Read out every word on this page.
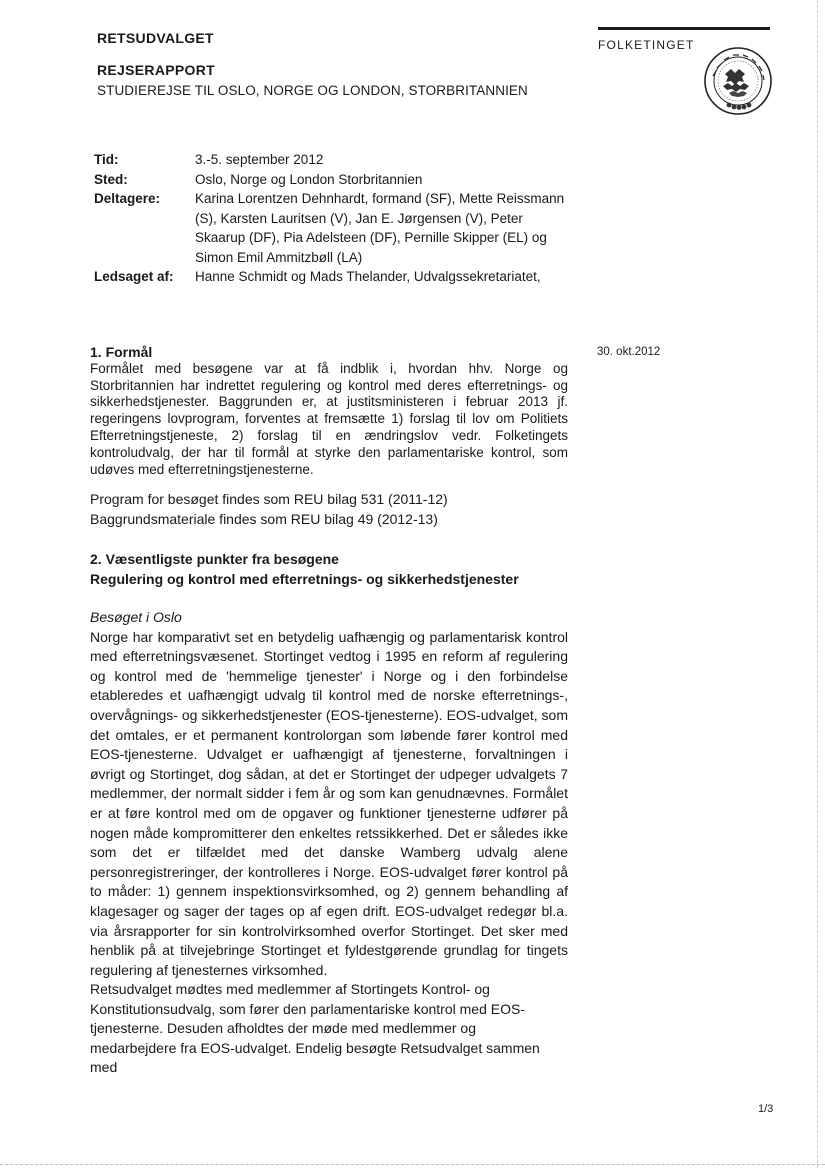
RETSUDVALGET
REJSERAPPORT
STUDIEREJSE TIL OSLO, NORGE OG LONDON, STORBRITANNIEN
FOLKETINGET
Tid:	3.-5. september 2012
Sted:	Oslo, Norge og London Storbritannien
Deltagere:	Karina Lorentzen Dehnhardt, formand (SF), Mette Reissmann (S), Karsten Lauritsen (V), Jan E. Jørgensen (V), Peter Skaarup (DF), Pia Adelsteen (DF), Pernille Skipper (EL) og Simon Emil Ammitzbøll (LA)
Ledsaget af:	Hanne Schmidt og Mads Thelander, Udvalgssekretariatet,
30. okt.2012
1. Formål
Formålet med besøgene var at få indblik i, hvordan hhv. Norge og Storbritannien har indrettet regulering og kontrol med deres efterretnings- og sikkerhedstjenester. Baggrunden er, at justitsministeren i februar 2013 jf. regeringens lovprogram, forventes at fremsætte 1) forslag til lov om Politiets Efterretningstjeneste, 2) forslag til en ændringslov vedr. Folketingets kontroludvalg, der har til formål at styrke den parlamentariske kontrol, som udøves med efterretningstjenesterne.
Program for besøget findes som REU bilag 531 (2011-12)
Baggrundsmateriale findes som REU bilag 49 (2012-13)
2. Væsentligste punkter fra besøgene
Regulering og kontrol med efterretnings- og sikkerhedstjenester
Besøget i Oslo
Norge har komparativt set en betydelig uafhængig og parlamentarisk kontrol med efterretningsvæsenet. Stortinget vedtog i 1995 en reform af regulering og kontrol med de 'hemmelige tjenester' i Norge og i den forbindelse etableredes et uafhængigt udvalg til kontrol med de norske efterretnings-, overvågnings- og sikkerhedstjenester (EOS-tjenesterne). EOS-udvalget, som det omtales, er et permanent kontrolorgan som løbende fører kontrol med EOS-tjenesterne. Udvalget er uafhængigt af tjenesterne, forvaltningen i øvrigt og Stortinget, dog sådan, at det er Stortinget der udpeger udvalgets 7 medlemmer, der normalt sidder i fem år og som kan genudnævnes. Formålet er at føre kontrol med om de opgaver og funktioner tjenesterne udfører på nogen måde kompromitterer den enkeltes retssikkerhed. Det er således ikke som det er tilfældet med det danske Wamberg udvalg alene personregistreringer, der kontrolleres i Norge. EOS-udvalget fører kontrol på to måder: 1) gennem inspektionsvirksomhed, og 2) gennem behandling af klagesager og sager der tages op af egen drift. EOS-udvalget redegør bl.a. via årsrapporter for sin kontrolvirksomhed overfor Stortinget. Det sker med henblik på at tilvejebringe Stortinget et fyldestgørende grundlag for tingets regulering af tjenesternes virksomhed.
Retsudvalget mødtes med medlemmer af Stortingets Kontrol- og Konstitutionsudvalg, som fører den parlamentariske kontrol med EOS-tjenesterne. Desuden afholdtes der møde med medlemmer og medarbejdere fra EOS-udvalget. Endelig besøgte Retsudvalget sammen med
1/3
